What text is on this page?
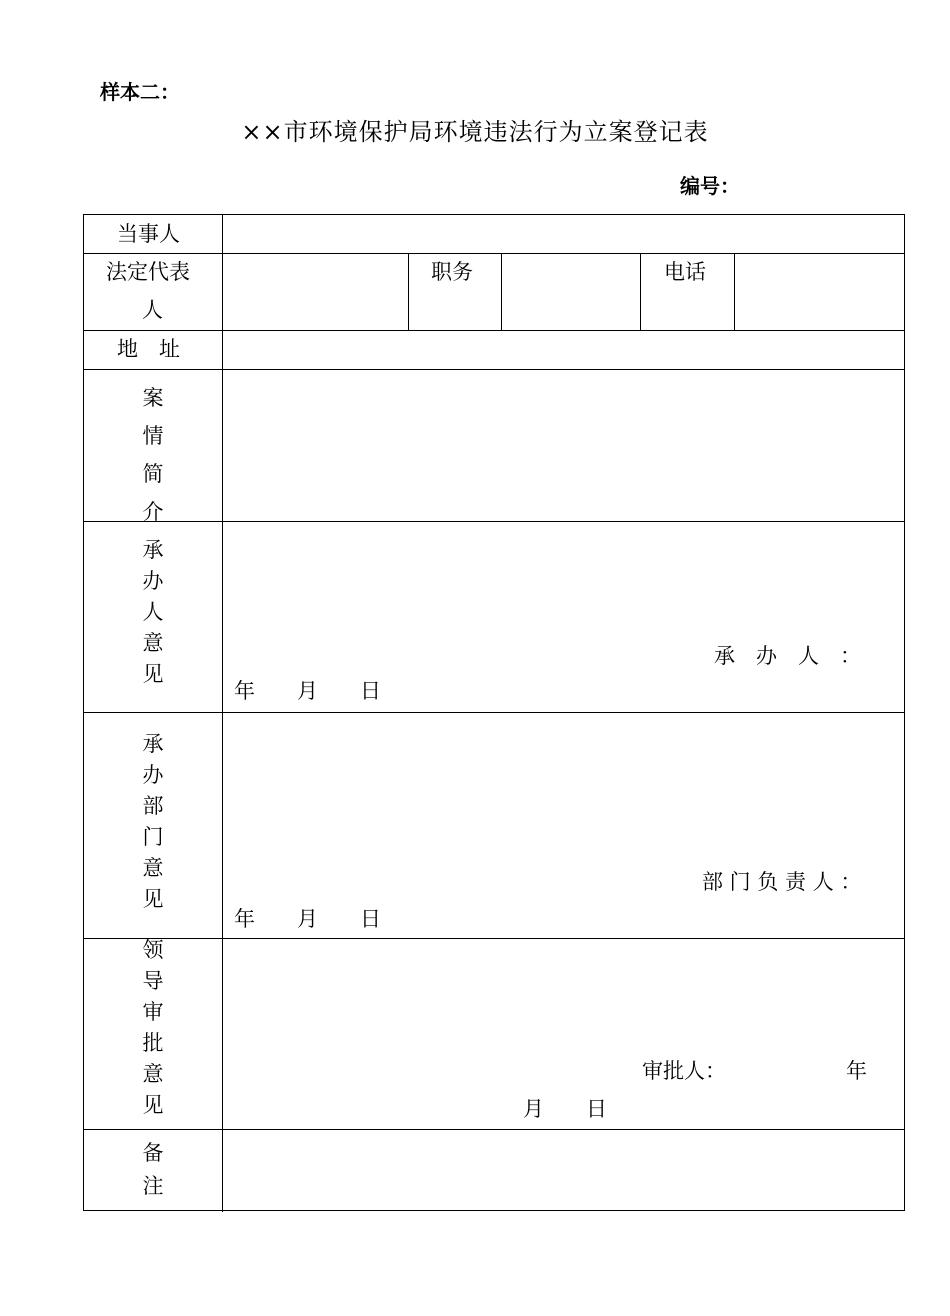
样本二：
××市环境保护局环境违法行为立案登记表
编号：
当事人
法定代表
人
职务	电话
地　址
案
情
简
介
承
办
人
意
见
承　办　人　：
年　　月　　日
承
办
部
门
意
见
部 门 负 责 人 ：
年　　月　　日
领
导
审
批
意
见
审批人：	年
月　　日
备
注
